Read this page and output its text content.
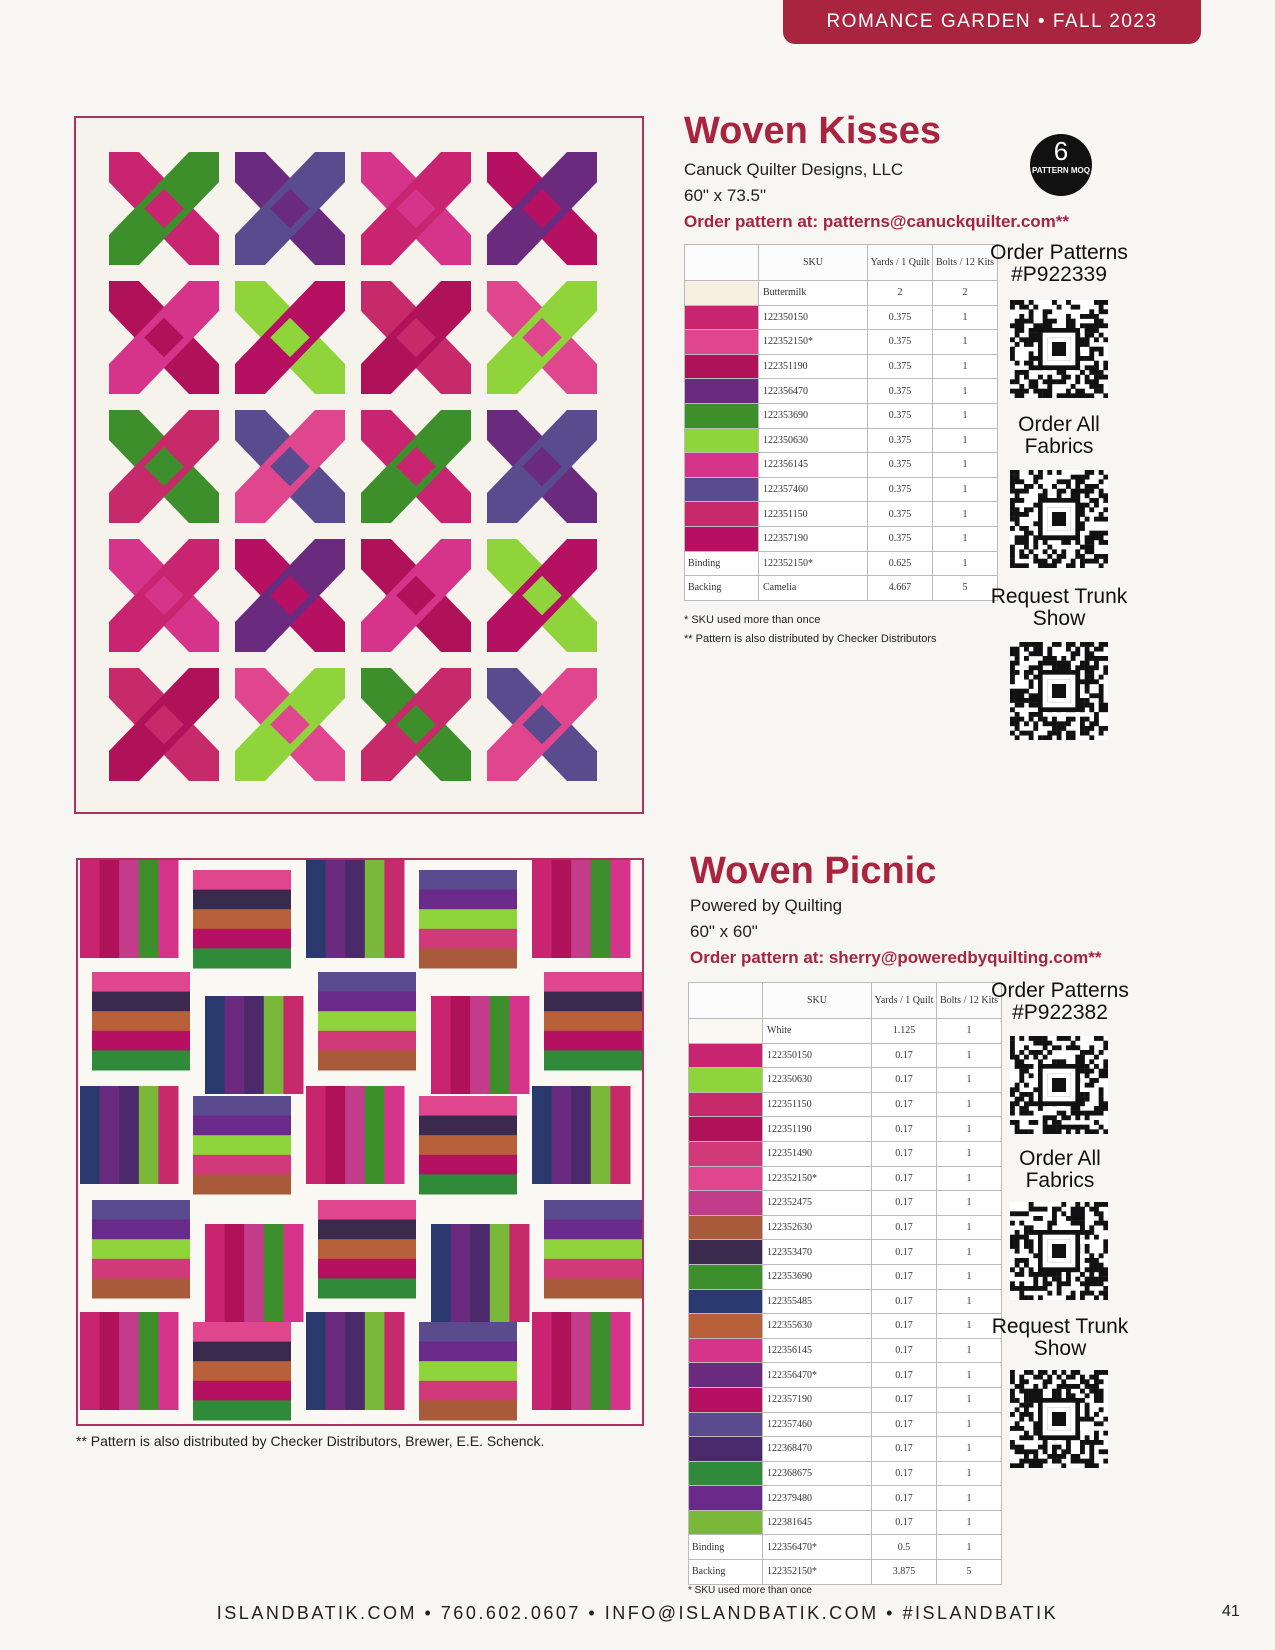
ROMANCE GARDEN • FALL 2023
Woven Kisses
Canuck Quilter Designs, LLC
60" x 73.5"
Order pattern at: patterns@canuckquilter.com**
6
PATTERN MOQ
	SKU	Yards / 1 Quilt	Bolts / 12 Kits
	Buttermilk	2	2
	122350150	0.375	1
	122352150*	0.375	1
	122351190	0.375	1
	122356470	0.375	1
	122353690	0.375	1
	122350630	0.375	1
	122356145	0.375	1
	122357460	0.375	1
	122351150	0.375	1
	122357190	0.375	1
Binding	122352150*	0.625	1
Backing	Camelia	4.667	5
* SKU used more than once
** Pattern is also distributed by Checker Distributors
Order Patterns #P922339
Order All Fabrics
Request Trunk Show
** Pattern is also distributed by Checker Distributors, Brewer, E.E. Schenck.
Woven Picnic
Powered by Quilting
60" x 60"
Order pattern at: sherry@poweredbyquilting.com**
	SKU	Yards / 1 Quilt	Bolts / 12 Kits
	White	1.125	1
	122350150	0.17	1
	122350630	0.17	1
	122351150	0.17	1
	122351190	0.17	1
	122351490	0.17	1
	122352150*	0.17	1
	122352475	0.17	1
	122352630	0.17	1
	122353470	0.17	1
	122353690	0.17	1
	122355485	0.17	1
	122355630	0.17	1
	122356145	0.17	1
	122356470*	0.17	1
	122357190	0.17	1
	122357460	0.17	1
	122368470	0.17	1
	122368675	0.17	1
	122379480	0.17	1
	122381645	0.17	1
Binding	122356470*	0.5	1
Backing	122352150*	3.875	5
* SKU used more than once
Order Patterns #P922382
Order All Fabrics
Request Trunk Show
ISLANDBATIK.COM • 760.602.0607 • INFO@ISLANDBATIK.COM • #ISLANDBATIK	41
